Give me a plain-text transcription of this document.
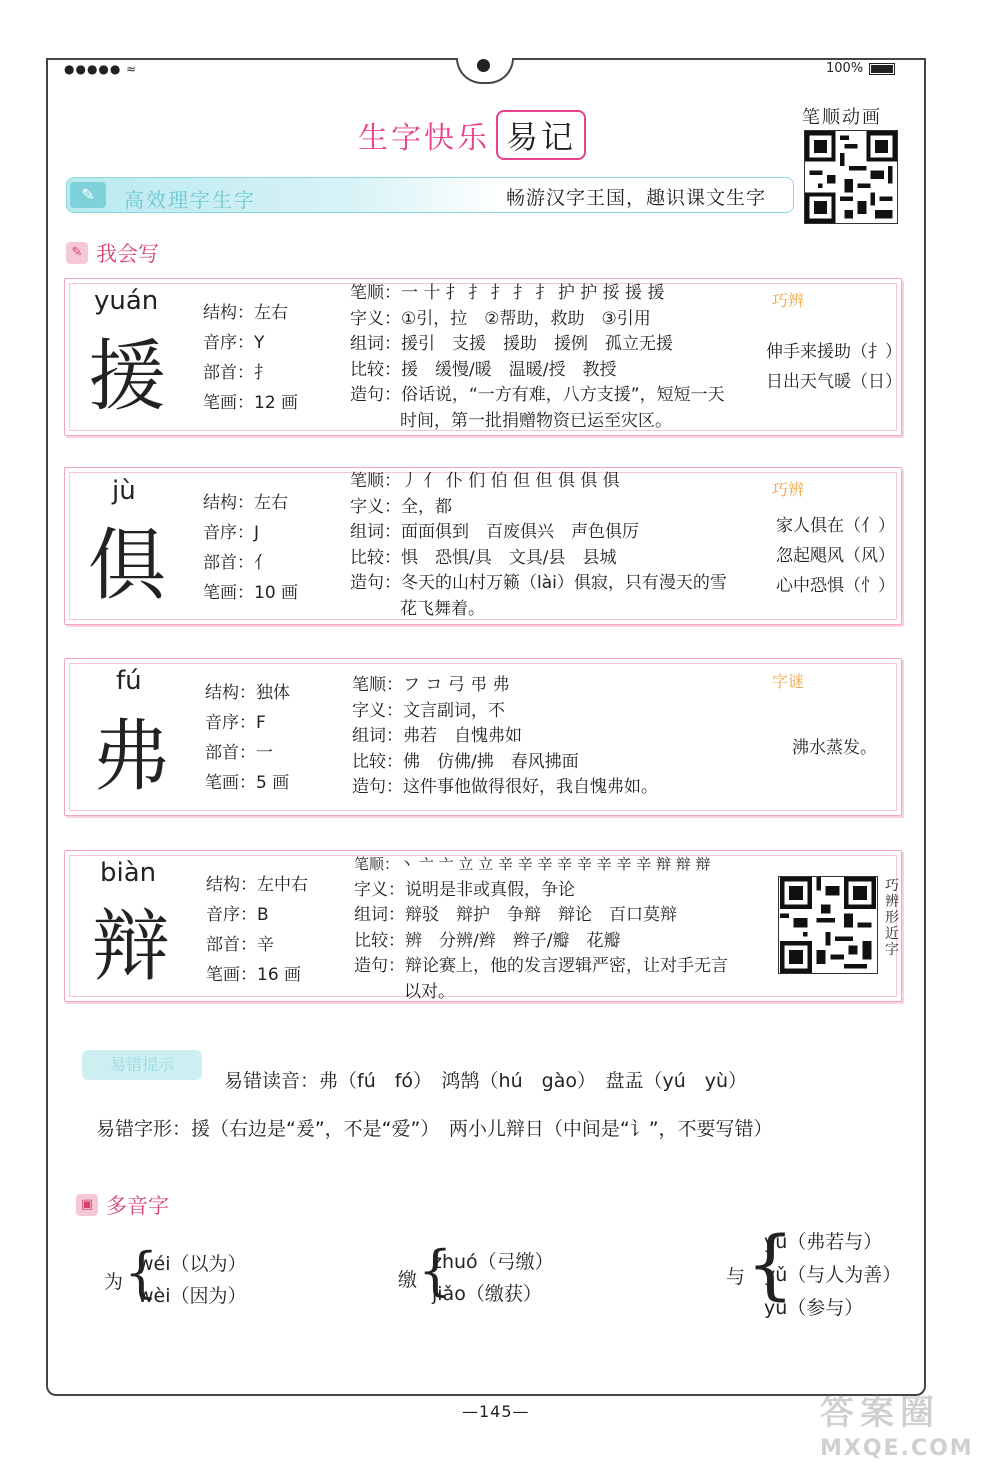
●●●●● ≈	100%
生字快乐 易记
笔顺动画
✎	高效理字生字	畅游汉字王国，趣识课文生字
✎ 我会写
yuán
援
结构：左右
音序：Y
部首：扌
笔画：12 画
笔顺：一 十 扌 扌 扌 扌 扌 护 护 挼 援 援
字义：①引，拉　②帮助，救助　③引用
组词：援引　支援　援助　援例　孤立无援
比较：援　缓慢/暖　温暖/授　教授
造句：俗话说，“一方有难，八方支援”，短短一天
时间，第一批捐赠物资已运至灾区。
巧辨
伸手来援助（扌）
日出天气暖（日）
jù
俱
结构：左右
音序：J
部首：亻
笔画：10 画
笔顺：丿 亻 仆 们 伯 但 但 俱 俱 俱
字义：全，都
组词：面面俱到　百废俱兴　声色俱厉
比较：惧　恐惧/具　文具/县　县城
造句：冬天的山村万籁（lài）俱寂，只有漫天的雪
花飞舞着。
巧辨
家人俱在（亻）
忽起飓风（风）
心中恐惧（忄）
fú
弗
结构：独体
音序：F
部首：一
笔画：5 画
笔顺：フ コ 弓 弔 弗
字义：文言副词，不
组词：弗若　自愧弗如
比较：佛　仿佛/拂　春风拂面
造句：这件事他做得很好，我自愧弗如。
字谜
沸水蒸发。
biàn
辩
结构：左中右
音序：B
部首：辛
笔画：16 画
笔顺：丶 亠 亠 立 立 辛 辛 辛 辛 辛 辛 辛 辛 辩 辩 辩
字义：说明是非或真假，争论
组词：辩驳　辩护　争辩　辩论　百口莫辩
比较：辨　分辨/辫　辫子/瓣　花瓣
造句：辩论赛上，他的发言逻辑严密，让对手无言
以对。
巧辨形近字
易错提示
易错读音：弗（fú　fó）　鸿鹄（hú　gào）　盘盂（yú　yù）
易错字形：援（右边是“爰”，不是“爱”）　两小儿辩日（中间是“讠”，不要写错）
▣ 多音字
为 {
wéi（以为）
wèi（因为）
缴 {
zhuó（弓缴）
jiǎo（缴获）
与 {
yú（弗若与）
yǔ（与人为善）
yù（参与）
—145—	答案圈
MXQE.COM
